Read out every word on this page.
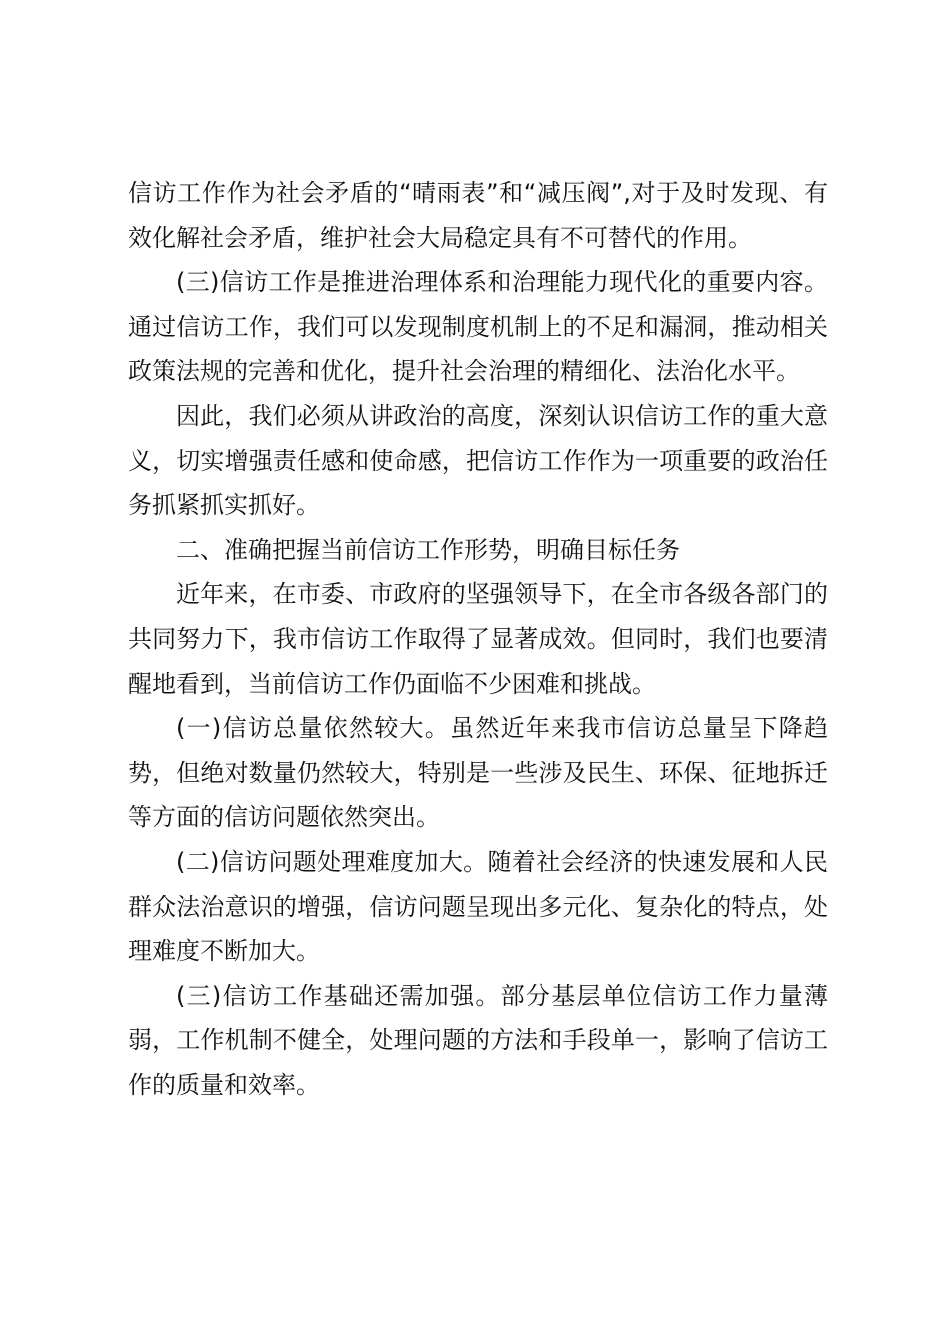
信访工作作为社会矛盾的“晴雨表”和“减压阀”,对于及时发现、有效化解社会矛盾，维护社会大局稳定具有不可替代的作用。

(三)信访工作是推进治理体系和治理能力现代化的重要内容。通过信访工作，我们可以发现制度机制上的不足和漏洞，推动相关政策法规的完善和优化，提升社会治理的精细化、法治化水平。

因此，我们必须从讲政治的高度，深刻认识信访工作的重大意义，切实增强责任感和使命感，把信访工作作为一项重要的政治任务抓紧抓实抓好。

二、准确把握当前信访工作形势，明确目标任务

近年来，在市委、市政府的坚强领导下，在全市各级各部门的共同努力下，我市信访工作取得了显著成效。但同时，我们也要清醒地看到，当前信访工作仍面临不少困难和挑战。

(一)信访总量依然较大。虽然近年来我市信访总量呈下降趋势，但绝对数量仍然较大，特别是一些涉及民生、环保、征地拆迁等方面的信访问题依然突出。

(二)信访问题处理难度加大。随着社会经济的快速发展和人民群众法治意识的增强，信访问题呈现出多元化、复杂化的特点，处理难度不断加大。

(三)信访工作基础还需加强。部分基层单位信访工作力量薄弱，工作机制不健全，处理问题的方法和手段单一，影响了信访工作的质量和效率。
